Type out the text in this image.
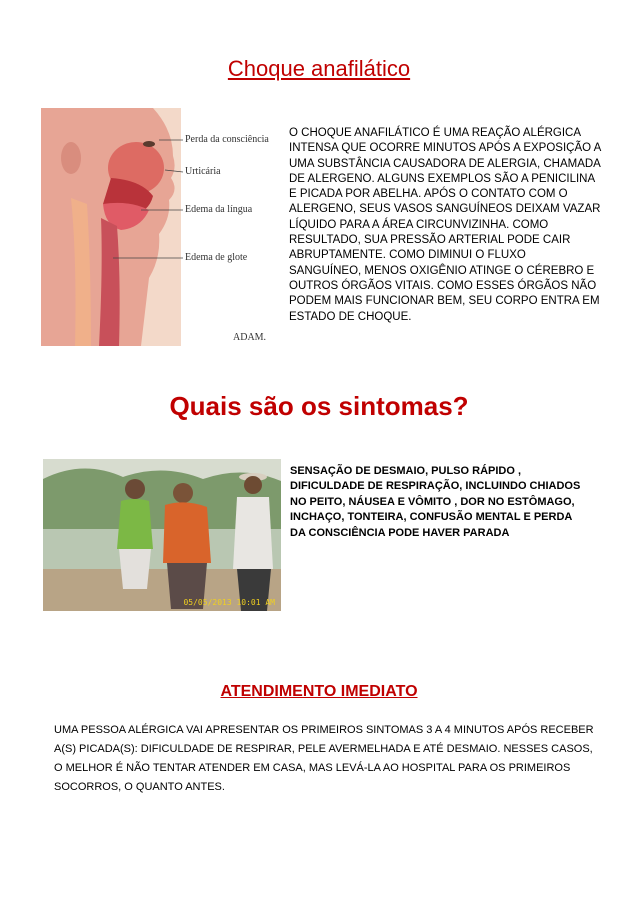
Choque anafilático
Perda da consciência
Urticária
Edema da língua
Edema de glote
ADAM.
O CHOQUE ANAFILÁTICO É UMA REAÇÃO ALÉRGICA INTENSA QUE OCORRE MINUTOS APÓS A EXPOSIÇÃO A UMA SUBSTÂNCIA CAUSADORA DE ALERGIA, CHAMADA DE ALERGENO. ALGUNS EXEMPLOS SÃO A PENICILINA E PICADA POR ABELHA. APÓS O CONTATO COM O ALERGENO, SEUS VASOS SANGUÍNEOS DEIXAM VAZAR LÍQUIDO PARA A ÁREA CIRCUNVIZINHA. COMO RESULTADO, SUA PRESSÃO ARTERIAL PODE CAIR ABRUPTAMENTE. COMO DIMINUI O FLUXO SANGUÍNEO, MENOS OXIGÊNIO ATINGE O CÉREBRO E OUTROS ÓRGÃOS VITAIS. COMO ESSES ÓRGÃOS NÃO PODEM MAIS FUNCIONAR BEM, SEU CORPO ENTRA EM ESTADO DE CHOQUE.
Quais são os sintomas?
05/05/2013 10:01 AM
SENSAÇÃO DE DESMAIO, PULSO RÁPIDO , DIFICULDADE DE RESPIRAÇÃO, INCLUINDO CHIADOS NO PEITO, NÁUSEA E VÔMITO , DOR NO ESTÔMAGO, INCHAÇO, TONTEIRA, CONFUSÃO MENTAL E PERDA DA CONSCIÊNCIA PODE HAVER PARADA
ATENDIMENTO IMEDIATO
UMA PESSOA ALÉRGICA VAI APRESENTAR OS PRIMEIROS SINTOMAS 3 A 4 MINUTOS APÓS RECEBER A(S) PICADA(S): DIFICULDADE DE RESPIRAR, PELE AVERMELHADA E ATÉ DESMAIO. NESSES CASOS, O MELHOR É NÃO TENTAR ATENDER EM CASA, MAS LEVÁ-LA AO HOSPITAL PARA OS PRIMEIROS SOCORROS, O QUANTO ANTES.
